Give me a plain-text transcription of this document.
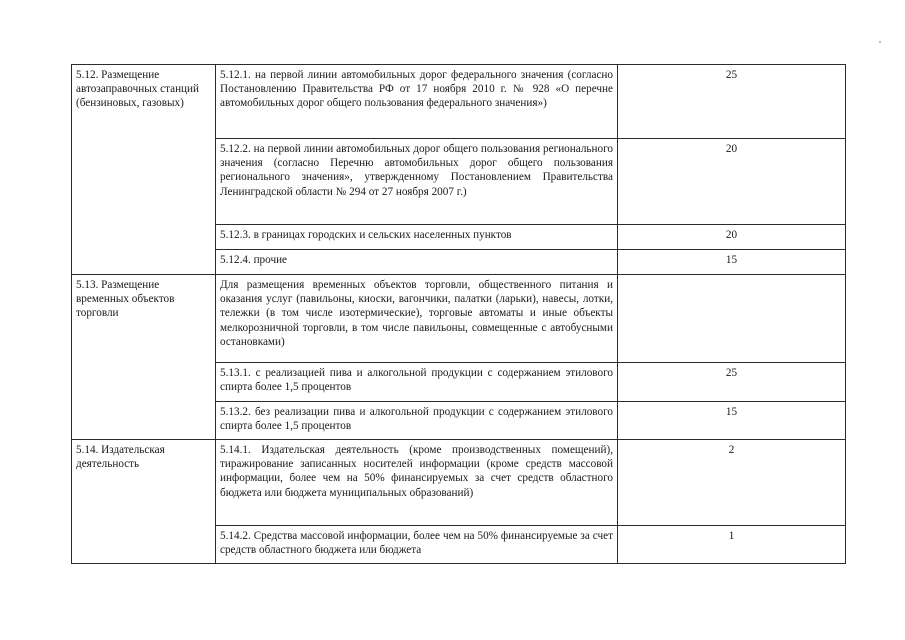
5.12. Размещение автозаправочных станций (бензиновых, газовых)	5.12.1. на первой линии автомобильных дорог федерального значения (согласно Постановлению Правительства РФ от 17 ноября 2010 г. № 928 «О перечне автомобильных дорог общего пользования федерального значения»)	25
	5.12.2. на первой линии автомобильных дорог общего пользования регионального значения (согласно Перечню автомобильных дорог общего пользования регионального значения», утвержденному Постановлением Правительства Ленинградской области № 294 от 27 ноября 2007 г.)	20
	5.12.3. в границах городских и сельских населенных пунктов	20
	5.12.4. прочие	15
5.13. Размещение временных объектов торговли	Для размещения временных объектов торговли, общественного питания и оказания услуг (павильоны, киоски, вагончики, палатки (ларьки), навесы, лотки, тележки (в том числе изотермические), торговые автоматы и иные объекты мелкорозничной торговли, в том числе павильоны, совмещенные с автобусными остановками)	
	5.13.1. с реализацией пива и алкогольной продукции с содержанием этилового спирта более 1,5 процентов	25
	5.13.2. без реализации пива и алкогольной продукции с содержанием этилового спирта более 1,5 процентов	15
5.14. Издательская деятельность	5.14.1. Издательская деятельность (кроме производственных помещений), тиражирование записанных носителей информации (кроме средств массовой информации, более чем на 50% финансируемых за счет средств областного бюджета или бюджета муниципальных образований)	2
	5.14.2. Средства массовой информации, более чем на 50% финансируемые за счет средств областного бюджета или бюджета	1
